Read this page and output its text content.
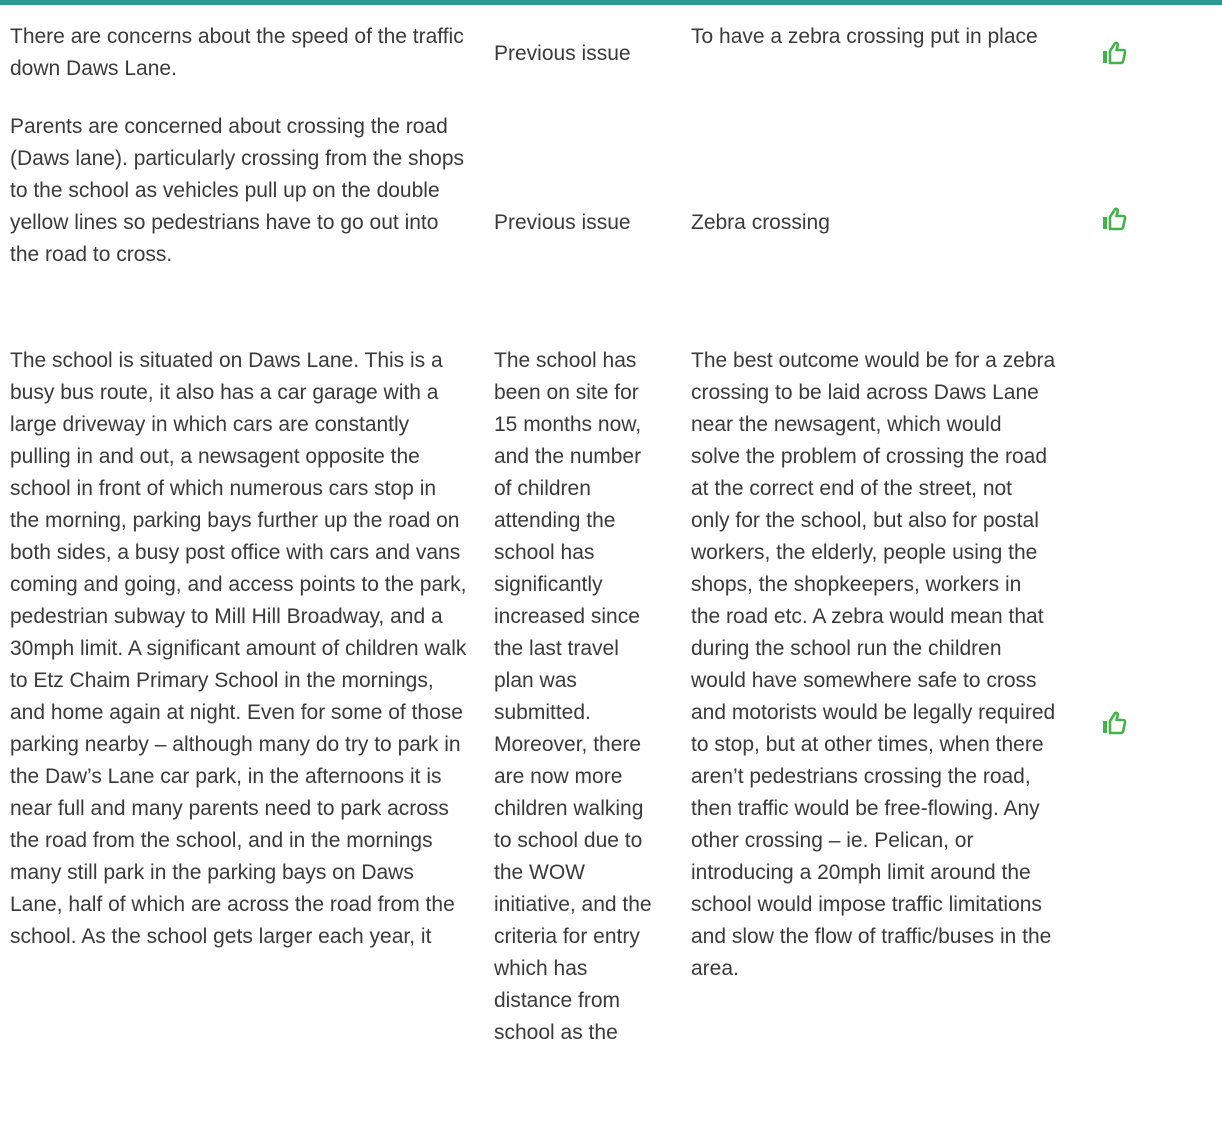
There are concerns about the speed of the traffic down Daws Lane.
Previous issue
To have a zebra crossing put in place
Parents are concerned about crossing the road (Daws lane). particularly crossing from the shops to the school as vehicles pull up on the double yellow lines so pedestrians have to go out into the road to cross.
Previous issue	Zebra crossing
The school is situated on Daws Lane. This is a busy bus route, it also has a car garage with a large driveway in which cars are constantly pulling in and out, a newsagent opposite the school in front of which numerous cars stop in the morning, parking bays further up the road on both sides, a busy post office with cars and vans coming and going, and access points to the park, pedestrian subway to Mill Hill Broadway, and a 30mph limit. A significant amount of children walk to Etz Chaim Primary School in the mornings, and home again at night. Even for some of those parking nearby – although many do try to park in the Daw’s Lane car park, in the afternoons it is near full and many parents need to park across the road from the school, and in the mornings many still park in the parking bays on Daws Lane, half of which are across the road from the school. As the school gets larger each year, it
The school has been on site for 15 months now, and the number of children attending the school has significantly increased since the last travel plan was submitted. Moreover, there are now more children walking to school due to the WOW initiative, and the criteria for entry which has distance from school as the
The best outcome would be for a zebra crossing to be laid across Daws Lane near the newsagent, which would solve the problem of crossing the road at the correct end of the street, not only for the school, but also for postal workers, the elderly, people using the shops, the shopkeepers, workers in the road etc. A zebra would mean that during the school run the children would have somewhere safe to cross and motorists would be legally required to stop, but at other times, when there aren’t pedestrians crossing the road, then traffic would be free-flowing. Any other crossing – ie. Pelican, or introducing a 20mph limit around the school would impose traffic limitations and slow the flow of traffic/buses in the area.
